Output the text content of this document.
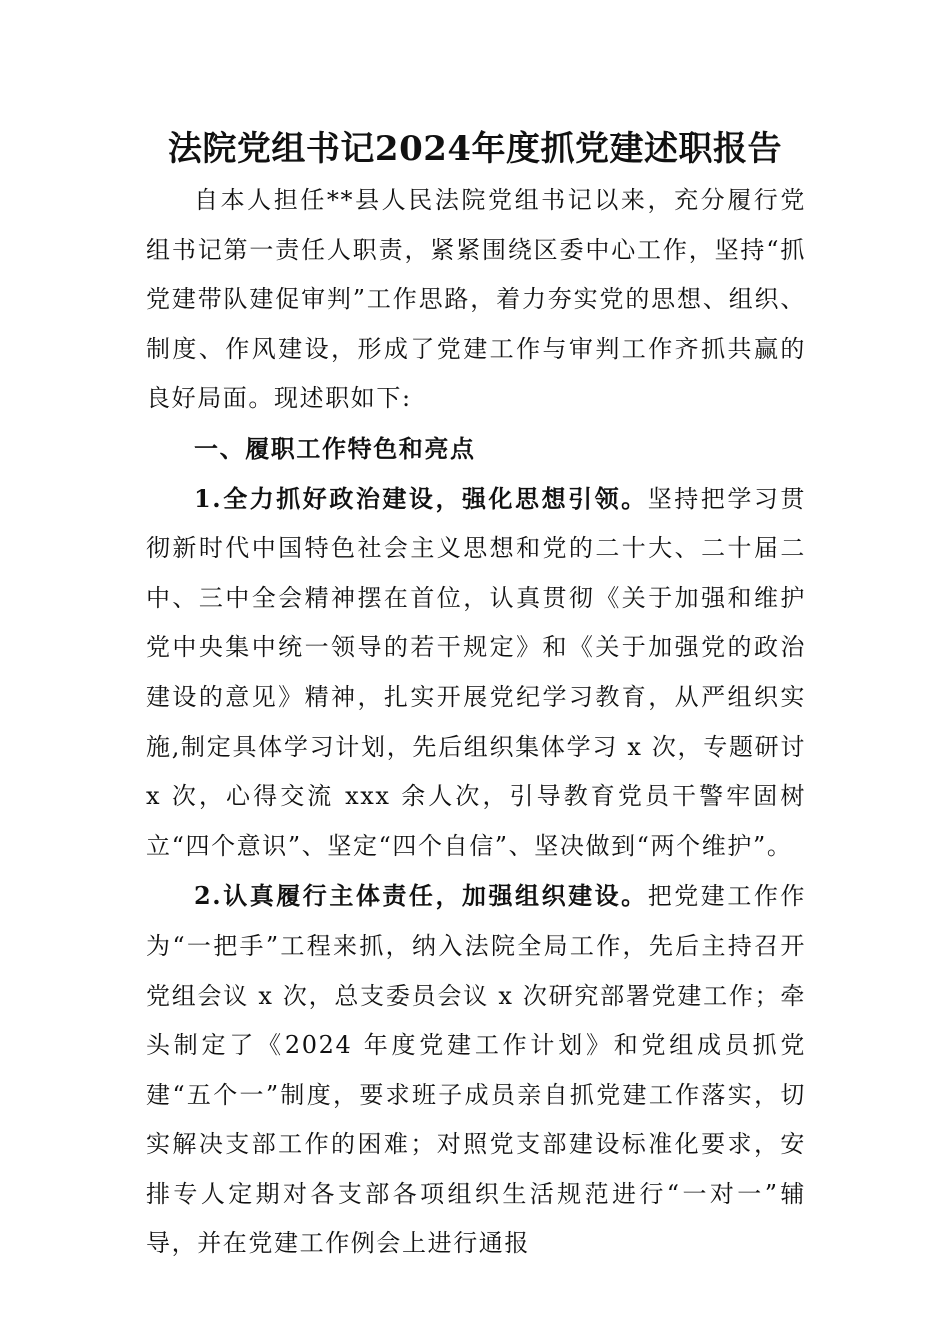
法院党组书记2024年度抓党建述职报告

自本人担任**县人民法院党组书记以来，充分履行党组书记第一责任人职责，紧紧围绕区委中心工作，坚持“抓党建带队建促审判”工作思路，着力夯实党的思想、组织、制度、作风建设，形成了党建工作与审判工作齐抓共赢的良好局面。现述职如下:

一、履职工作特色和亮点

1.全力抓好政治建设，强化思想引领。坚持把学习贯彻新时代中国特色社会主义思想和党的二十大、二十届二中、三中全会精神摆在首位，认真贯彻《关于加强和维护党中央集中统一领导的若干规定》和《关于加强党的政治建设的意见》精神，扎实开展党纪学习教育，从严组织实施,制定具体学习计划，先后组织集体学习 x 次，专题研讨 x 次，心得交流 xxx 余人次，引导教育党员干警牢固树立“四个意识”、坚定“四个自信”、坚决做到“两个维护”。

2.认真履行主体责任，加强组织建设。把党建工作作为“一把手”工程来抓，纳入法院全局工作，先后主持召开党组会议 x 次，总支委员会议 x 次研究部署党建工作；牵头制定了《2024 年度党建工作计划》和党组成员抓党建“五个一”制度，要求班子成员亲自抓党建工作落实，切实解决支部工作的困难；对照党支部建设标准化要求，安排专人定期对各支部各项组织生活规范进行“一对一”辅导，并在党建工作例会上进行通报
